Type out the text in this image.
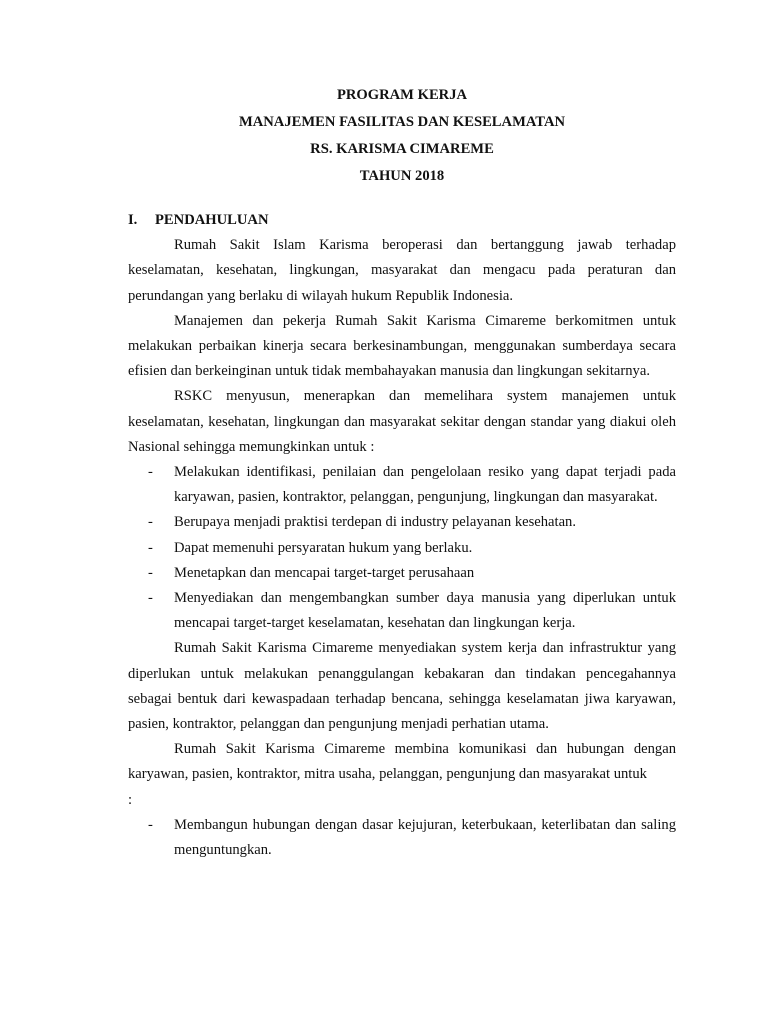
PROGRAM KERJA
MANAJEMEN FASILITAS DAN KESELAMATAN
RS. KARISMA CIMAREME
TAHUN 2018
I.	PENDAHULUAN

Rumah Sakit Islam Karisma beroperasi dan bertanggung jawab terhadap keselamatan, kesehatan, lingkungan, masyarakat dan mengacu pada peraturan dan perundangan yang berlaku di wilayah hukum Republik Indonesia.

Manajemen dan pekerja Rumah Sakit Karisma Cimareme berkomitmen untuk melakukan perbaikan kinerja secara berkesinambungan, menggunakan sumberdaya secara efisien dan berkeinginan untuk tidak membahayakan manusia dan lingkungan sekitarnya.

RSKC menyusun, menerapkan dan memelihara system manajemen untuk keselamatan, kesehatan, lingkungan dan masyarakat sekitar dengan standar yang diakui oleh Nasional sehingga memungkinkan untuk :

-	Melakukan identifikasi, penilaian dan pengelolaan resiko yang dapat terjadi pada karyawan, pasien, kontraktor, pelanggan, pengunjung, lingkungan dan masyarakat.
-	Berupaya menjadi praktisi terdepan di industry pelayanan kesehatan.
-	Dapat memenuhi persyaratan hukum yang berlaku.
-	Menetapkan dan mencapai target-target perusahaan
-	Menyediakan dan mengembangkan sumber daya manusia yang diperlukan untuk mencapai target-target keselamatan, kesehatan dan lingkungan kerja.

Rumah Sakit Karisma Cimareme menyediakan system kerja dan infrastruktur yang diperlukan untuk melakukan penanggulangan kebakaran dan tindakan pencegahannya sebagai bentuk dari kewaspadaan terhadap bencana, sehingga keselamatan jiwa karyawan, pasien, kontraktor, pelanggan dan pengunjung menjadi perhatian utama.

Rumah Sakit Karisma Cimareme membina komunikasi dan hubungan dengan karyawan, pasien, kontraktor, mitra usaha, pelanggan, pengunjung dan masyarakat untuk

:

-	Membangun hubungan dengan dasar kejujuran, keterbukaan, keterlibatan dan saling menguntungkan.
